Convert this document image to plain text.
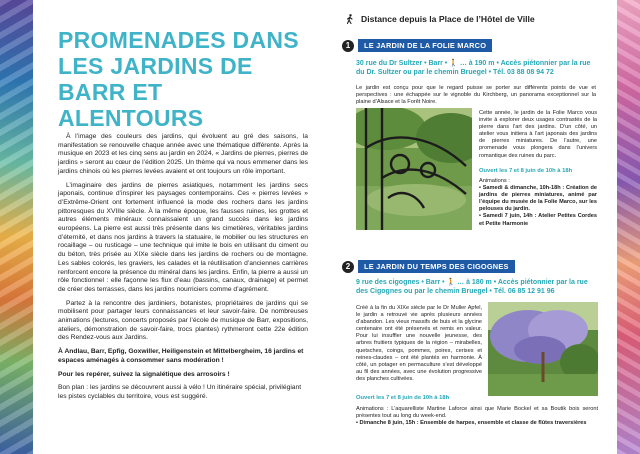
PROMENADES DANS LES JARDINS DE BARR ET ALENTOURS

À l’image des couleurs des jardins, qui évoluent au gré des saisons, la manifestation se renouvelle chaque année avec une thématique différente. Après la musique en 2023 et les cinq sens au jardin en 2024, « Jardins de pierres, pierres de jardins » seront au cœur de l’édition 2025. Un thème qui va nous emmener dans les jardins chinois où les pierres levées avaient et ont toujours un rôle important.

L’imaginaire des jardins de pierres asiatiques, notamment les jardins secs japonais, continue d’inspirer les paysages contemporains. Ces « pierres levées » d’Extrême-Orient ont fortement influencé la mode des rochers dans les jardins pittoresques du XVIIIe siècle. À la même époque, les fausses ruines, les grottes et autres éléments minéraux connaissaient un grand succès dans les jardins européens. La pierre est aussi très présente dans les cimetières, véritables jardins d’éternité, et dans nos jardins à travers la statuaire, le mobilier ou les structures en rocaillage – ou rusticage – une technique qui imite le bois en utilisant du ciment ou du béton, très prisée au XIXe siècle dans les jardins de rochers ou de montagne. Les sables colorés, les graviers, les calades et la réutilisation d’anciennes carrières renforcent encore la présence du minéral dans les jardins. Enfin, la pierre a aussi un rôle fonctionnel : elle façonne les flux d’eau (bassins, canaux, drainage) et permet de créer des terrasses, dans les jardins nourriciers comme d’agrément.

Partez à la rencontre des jardiniers, botanistes, propriétaires de jardins qui se mobilisent pour partager leurs connaissances et leur savoir-faire. De nombreuses animations (lectures, concerts proposés par l’école de musique de Barr, expositions, ateliers, démonstration de savoir-faire, trocs plantes) rythmeront cette 22e édition des Rendez-vous aux Jardins.

À Andlau, Barr, Epfig, Goxwiller, Heiligenstein et Mittelbergheim, 16 jardins et espaces aménagés à consommer sans modération !

Pour les repérer, suivez la signalétique des arrosoirs !

Bon plan : les jardins se découvrent aussi à vélo ! Un itinéraire spécial, privilégiant les pistes cyclables du territoire, vous est suggéré.

Distance depuis la Place de l’Hôtel de Ville
1	LE JARDIN DE LA FOLIE MARCO
30 rue du Dr Sultzer • Barr • 🚶 … à 190 m • Accès piétonnier par la rue du Dr. Sultzer ou par le chemin Bruegel • Tél. 03 88 08 94 72
Le jardin est conçu pour que le regard puisse se porter sur différents points de vue et perspectives : une échappée sur le vignoble du Kirchberg, un panorama exceptionnel sur la plaine d’Alsace et la Forêt Noire.
Cette année, le jardin de la Folie Marco vous invite à explorer deux usages contrastés de la pierre dans l’art des jardins. D’un côté, un atelier vous initiera à l’art japonais des jardins de pierres miniatures. De l’autre, une promenade vous plongera dans l’univers romantique des ruines du parc.
Ouvert les 7 et 8 juin de 10h à 18h
Animations :
• Samedi & dimanche, 10h-18h : Création de jardins de pierres miniatures, animé par l’équipe du musée de la Folie Marco, sur les pelouses du jardin.
• Samedi 7 juin, 14h : Atelier Petites Cordes et Petite Harmonie
2	LE JARDIN DU TEMPS DES CIGOGNES
9 rue des cigognes • Barr • 🚶 … à 180 m • Accès piétonnier par la rue des Cigognes ou par le chemin Bruegel • Tél. 06 85 12 91 96
Créé à la fin du XIXe siècle par le Dr Muller Apfel, le jardin a retrouvé vie après plusieurs années d’abandon. Les vieux massifs de buis et la glycine centenaire ont été préservés et remis en valeur. Pour lui insuffler une nouvelle jeunesse, des arbres fruitiers typiques de la région – mirabelles, quetsches, coings, pommes, poires, cerises et reines-claudes – ont été plantés en harmonie. À côté, un potager en permaculture s’est développé au fil des années, avec une évolution progressive des planches cultivées.
Ouvert les 7 et 8 juin de 10h à 18h
Animations : L’aquarelliste Martine Laforce ainsi que Marie Bockel et sa Boutik bois seront présentes tout au long du week-end.
• Dimanche 8 juin, 15h : Ensemble de harpes, ensemble et classe de flûtes traversières
